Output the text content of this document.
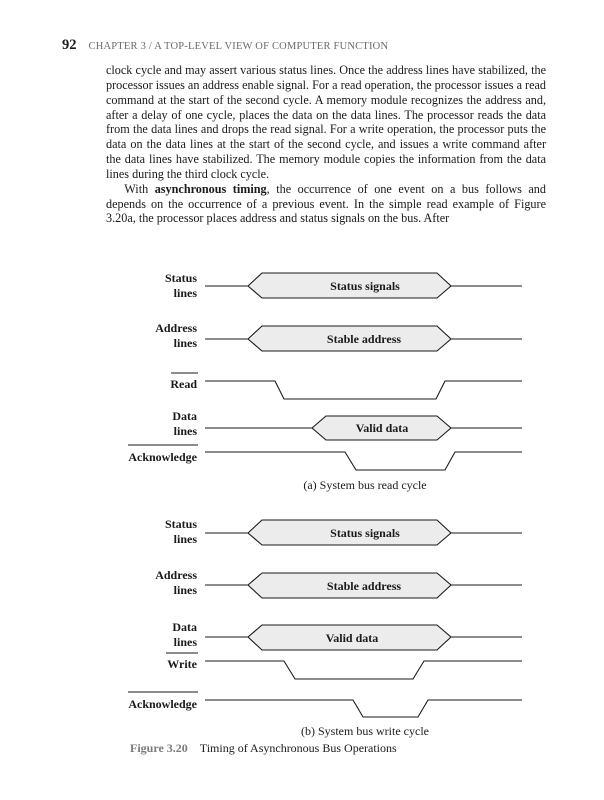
92 CHAPTER 3 / A TOP-LEVEL VIEW OF COMPUTER FUNCTION

clock cycle and may assert various status lines. Once the address lines have stabilized, the processor issues an address enable signal. For a read operation, the processor issues a read command at the start of the second cycle. A memory module recognizes the address and, after a delay of one cycle, places the data on the data lines. The processor reads the data from the data lines and drops the read signal. For a write operation, the processor puts the data on the data lines at the start of the second cycle, and issues a write command after the data lines have stabilized. The memory module copies the information from the data lines during the third clock cycle.

With asynchronous timing, the occurrence of one event on a bus follows and depends on the occurrence of a previous event. In the simple read example of Figure 3.20a, the processor places address and status signals on the bus. After

Status
lines
Address
lines
Read
Data
lines
Acknowledge
Status signals
Stable address
Valid data
(a) System bus read cycle
Status
lines
Address
lines
Data
lines
Write
Acknowledge
Status signals
Stable address
Valid data
(b) System bus write cycle
Figure 3.20 Timing of Asynchronous Bus Operations
